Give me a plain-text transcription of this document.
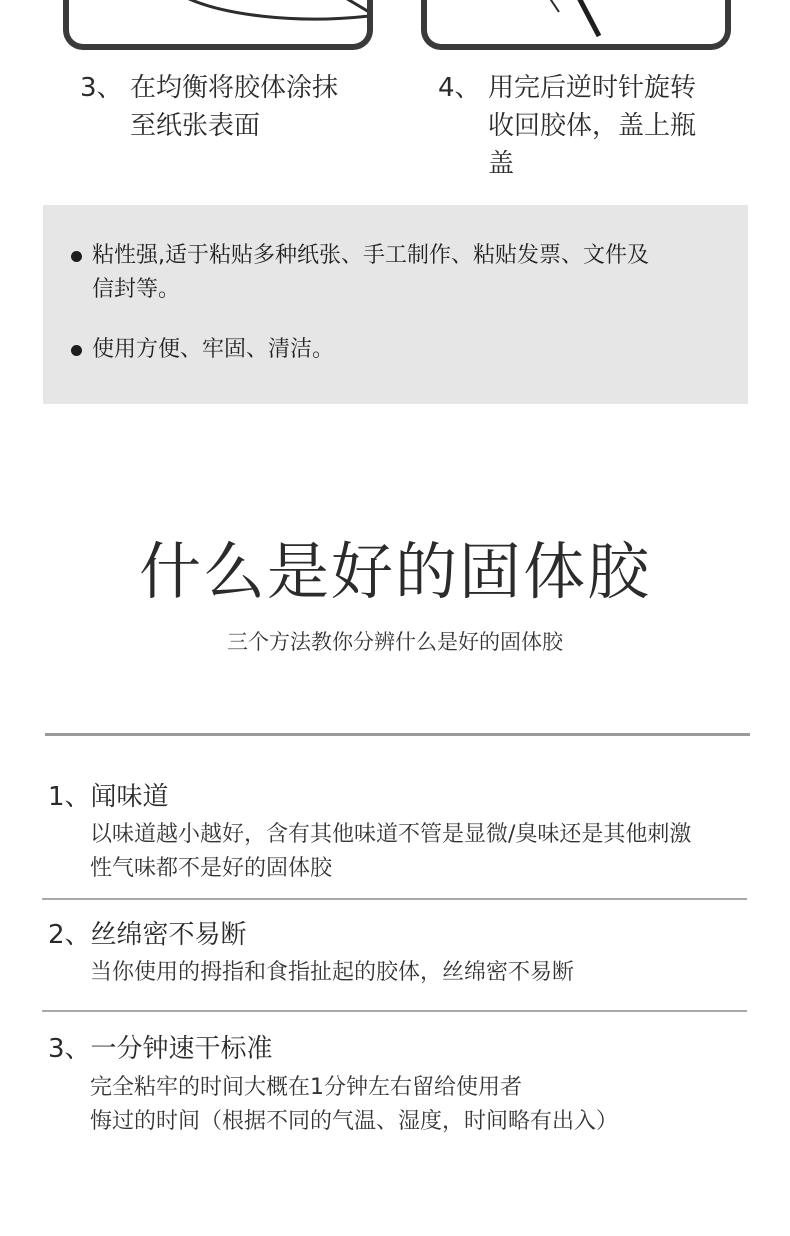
3、 在均衡将胶体涂抹
至纸张表面
4、 用完后逆时针旋转
收回胶体，盖上瓶
盖
粘性强,适于粘贴多种纸张、手工制作、粘贴发票、文件及
信封等。
使用方便、牢固、清洁。
什么是好的固体胶
三个方法教你分辨什么是好的固体胶
1、闻味道
以味道越小越好，含有其他味道不管是显微/臭味还是其他刺激
性气味都不是好的固体胶
2、丝绵密不易断
当你使用的拇指和食指扯起的胶体，丝绵密不易断
3、一分钟速干标准
完全粘牢的时间大概在1分钟左右留给使用者
悔过的时间（根据不同的气温、湿度，时间略有出入）
